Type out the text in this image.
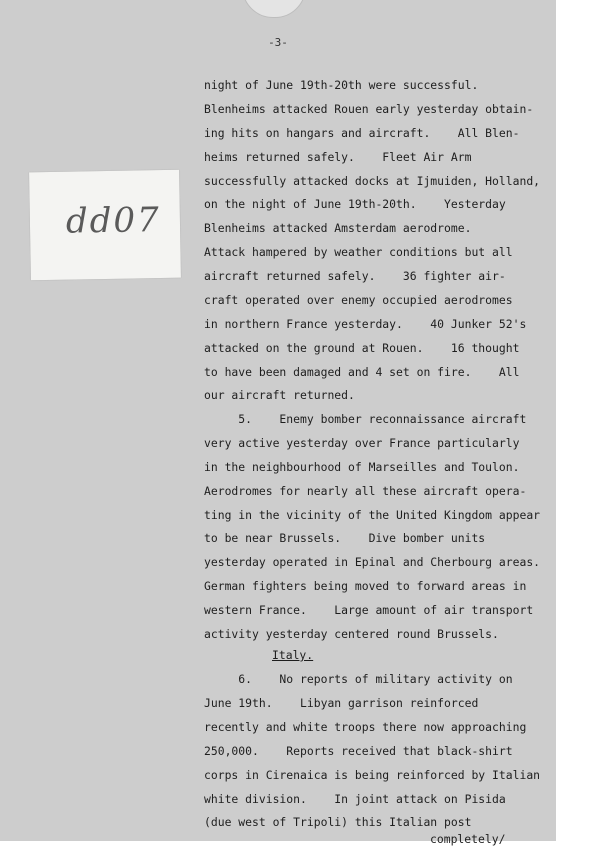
-3-
dd07
night of June 19th-20th were successful.
Blenheims attacked Rouen early yesterday obtain-
ing hits on hangars and aircraft.    All Blen-
heims returned safely.    Fleet Air Arm
successfully attacked docks at Ijmuiden, Holland,
on the night of June 19th-20th.    Yesterday
Blenheims attacked Amsterdam aerodrome.
Attack hampered by weather conditions but all
aircraft returned safely.    36 fighter air-
craft operated over enemy occupied aerodromes
in northern France yesterday.    40 Junker 52's
attacked on the ground at Rouen.    16 thought
to have been damaged and 4 set on fire.    All
our aircraft returned.
5.    Enemy bomber reconnaissance aircraft
very active yesterday over France particularly
in the neighbourhood of Marseilles and Toulon.
Aerodromes for nearly all these aircraft opera-
ting in the vicinity of the United Kingdom appear
to be near Brussels.    Dive bomber units
yesterday operated in Epinal and Cherbourg areas.
German fighters being moved to forward areas in
western France.    Large amount of air transport
activity yesterday centered round Brussels.
Italy.
6.    No reports of military activity on
June 19th.    Libyan garrison reinforced
recently and white troops there now approaching
250,000.    Reports received that black-shirt
corps in Cirenaica is being reinforced by Italian
white division.    In joint attack on Pisida
(due west of Tripoli) this Italian post
completely/
